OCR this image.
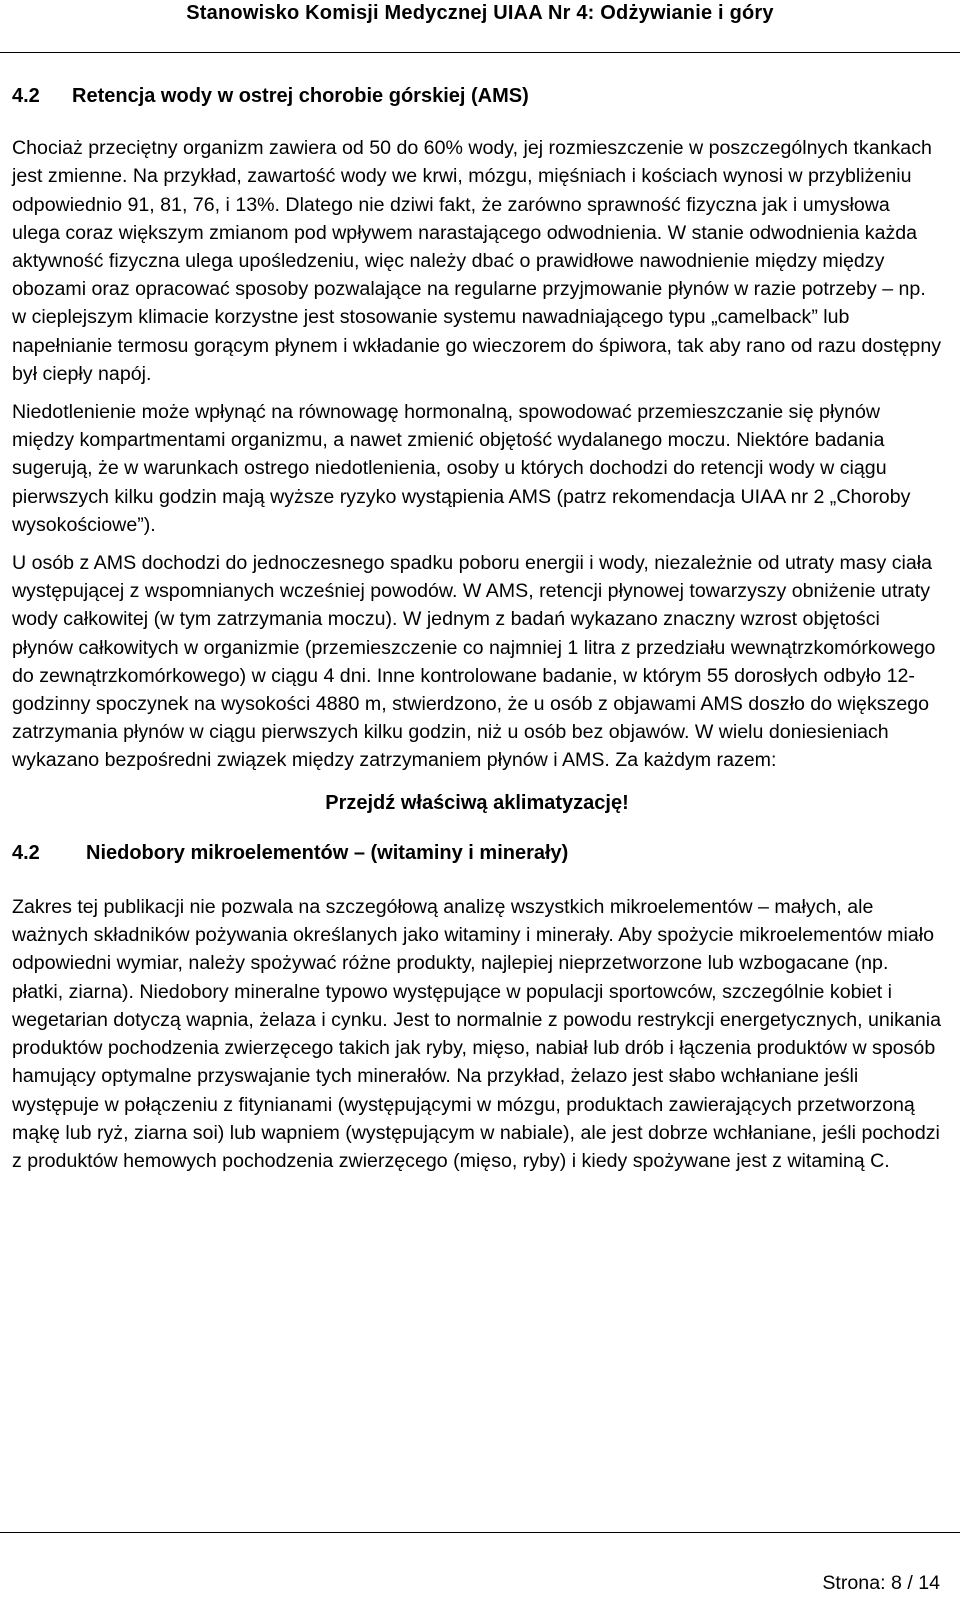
Stanowisko Komisji Medycznej UIAA Nr 4: Odżywianie i góry
4.2 Retencja wody w ostrej chorobie górskiej (AMS)

Chociaż przeciętny organizm zawiera od 50 do 60% wody, jej rozmieszczenie w poszczególnych tkankach jest zmienne. Na przykład, zawartość wody we krwi, mózgu, mięśniach i kościach wynosi w przybliżeniu odpowiednio 91, 81, 76, i 13%. Dlatego nie dziwi fakt, że zarówno sprawność fizyczna jak i umysłowa ulega coraz większym zmianom pod wpływem narastającego odwodnienia. W stanie odwodnienia każda aktywność fizyczna ulega upośledzeniu, więc należy dbać o prawidłowe nawodnienie między między obozami oraz opracować sposoby pozwalające na regularne przyjmowanie płynów w razie potrzeby – np. w cieplejszym klimacie korzystne jest stosowanie systemu nawadniającego typu „camelback” lub napełnianie termosu gorącym płynem i wkładanie go wieczorem do śpiwora, tak aby rano od razu dostępny był ciepły napój.

Niedotlenienie może wpłynąć na równowagę hormonalną, spowodować przemieszczanie się płynów między kompartmentami organizmu, a nawet zmienić objętość wydalanego moczu. Niektóre badania sugerują, że w warunkach ostrego niedotlenienia, osoby u których dochodzi do retencji wody w ciągu pierwszych kilku godzin mają wyższe ryzyko wystąpienia AMS (patrz rekomendacja UIAA nr 2 „Choroby wysokościowe”).

U osób z AMS dochodzi do jednoczesnego spadku poboru energii i wody, niezależnie od utraty masy ciała występującej z wspomnianych wcześniej powodów. W AMS, retencji płynowej towarzyszy obniżenie utraty wody całkowitej (w tym zatrzymania moczu). W jednym z badań wykazano znaczny wzrost objętości płynów całkowitych w organizmie (przemieszczenie co najmniej 1 litra z przedziału wewnątrzkomórkowego do zewnątrzkomórkowego) w ciągu 4 dni. Inne kontrolowane badanie, w którym 55 dorosłych odbyło 12-godzinny spoczynek na wysokości 4880 m, stwierdzono, że u osób z objawami AMS doszło do większego zatrzymania płynów w ciągu pierwszych kilku godzin, niż u osób bez objawów. W wielu doniesieniach wykazano bezpośredni związek między zatrzymaniem płynów i AMS. Za każdym razem:

Przejdź właściwą aklimatyzację!
4.2 Niedobory mikroelementów – (witaminy i minerały)

Zakres tej publikacji nie pozwala na szczegółową analizę wszystkich mikroelementów – małych, ale ważnych składników pożywania określanych jako witaminy i minerały. Aby spożycie mikroelementów miało odpowiedni wymiar, należy spożywać różne produkty, najlepiej nieprzetworzone lub wzbogacane (np. płatki, ziarna). Niedobory mineralne typowo występujące w populacji sportowców, szczególnie kobiet i wegetarian dotyczą wapnia, żelaza i cynku. Jest to normalnie z powodu restrykcji energetycznych, unikania produktów pochodzenia zwierzęcego takich jak ryby, mięso, nabiał lub drób i łączenia produktów w sposób hamujący optymalne przyswajanie tych minerałów. Na przykład, żelazo jest słabo wchłaniane jeśli występuje w połączeniu z fitynianami (występującymi w mózgu, produktach zawierających przetworzoną mąkę lub ryż, ziarna soi) lub wapniem (występującym w nabiale), ale jest dobrze wchłaniane, jeśli pochodzi z produktów hemowych pochodzenia zwierzęcego (mięso, ryby) i kiedy spożywane jest z witaminą C.

Strona: 8 / 14
